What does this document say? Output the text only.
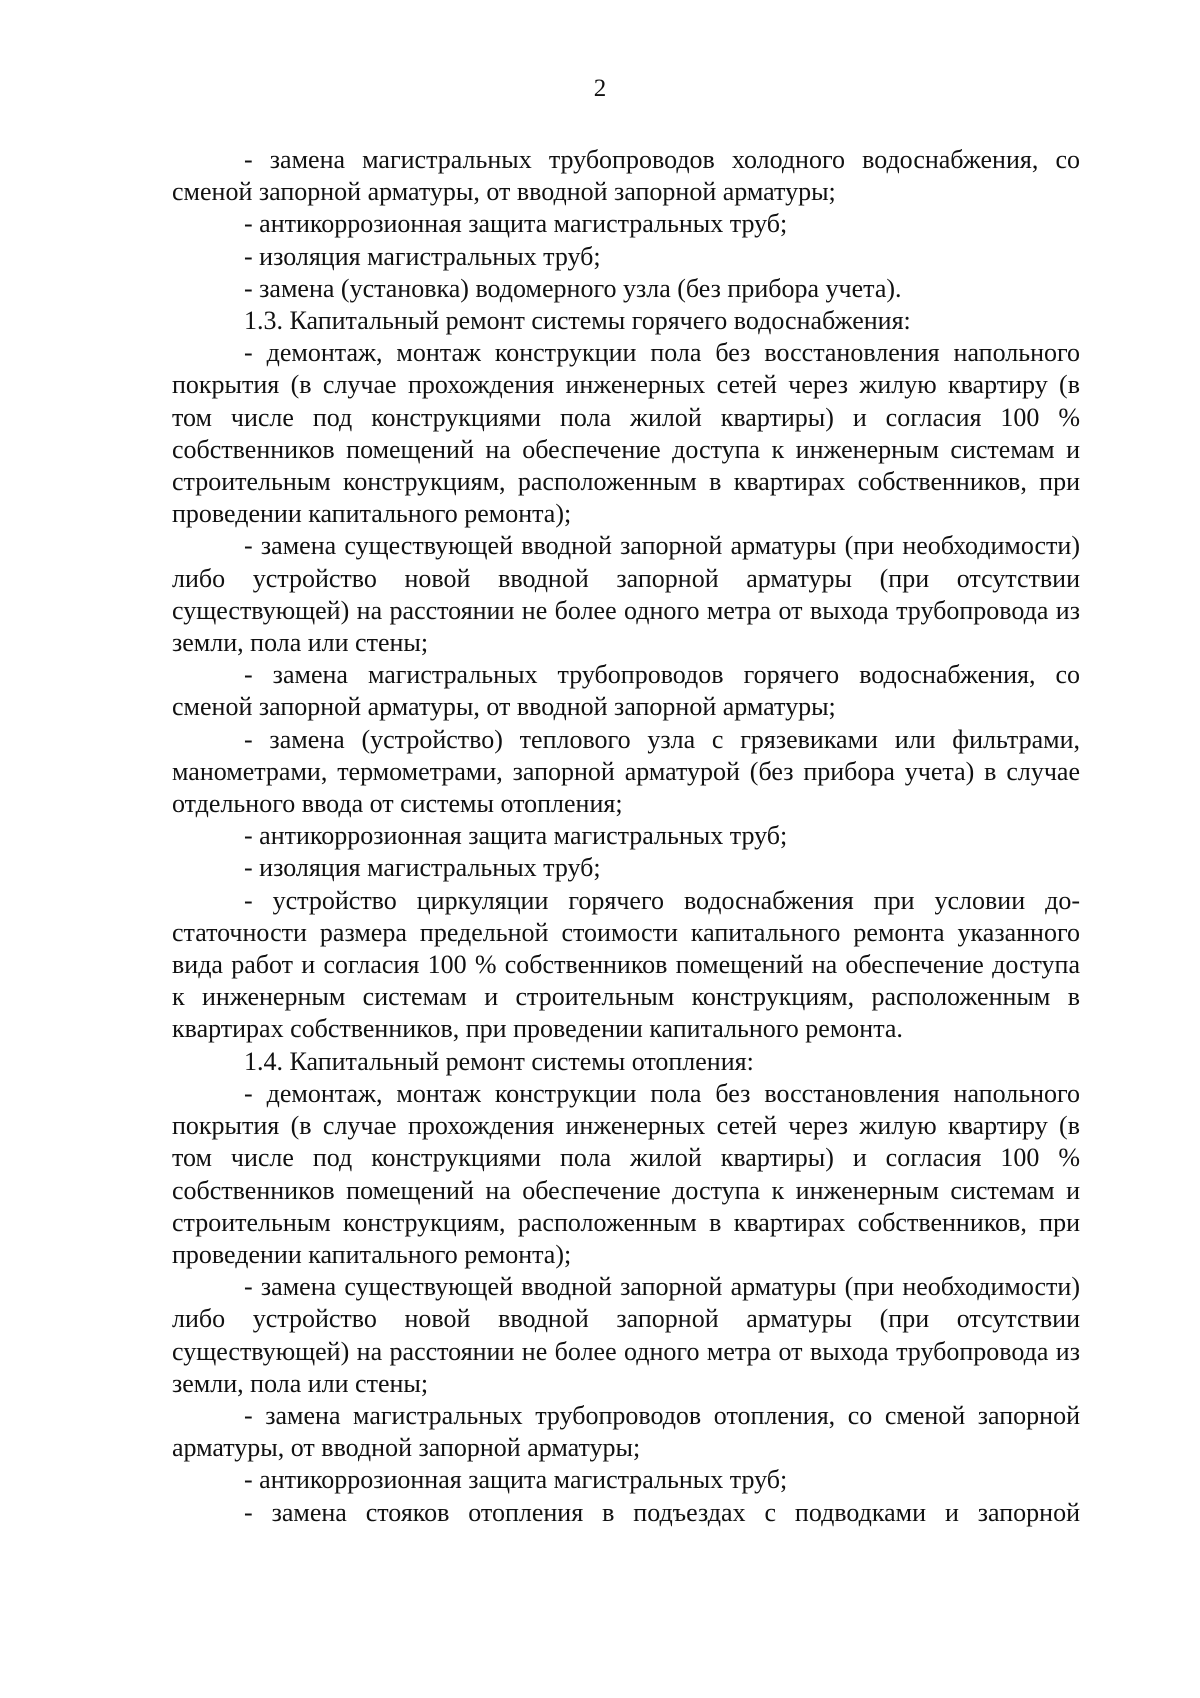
2

- замена магистральных трубопроводов холодного водоснабжения, со сменой запорной арматуры, от вводной запорной арматуры;

- антикоррозионная защита магистральных труб;

- изоляция магистральных труб;

- замена (установка) водомерного узла (без прибора учета).

1.3. Капитальный ремонт системы горячего водоснабжения:

- демонтаж, монтаж конструкции пола без восстановления напольного покрытия (в случае прохождения инженерных сетей через жилую квартиру (в том числе под конструкциями пола жилой квартиры) и согласия 100 % собственников помещений на обеспечение доступа к инженерным системам и строительным конструкциям, расположенным в квартирах собственников, при проведении капитального ремонта);

- замена существующей вводной запорной арматуры (при необходимости) либо устройство новой вводной запорной арматуры (при отсутствии существующей) на расстоянии не более одного метра от выхода трубопровода из земли, пола или стены;

- замена магистральных трубопроводов горячего водоснабжения, со сменой запорной арматуры, от вводной запорной арматуры;

- замена (устройство) теплового узла с грязевиками или фильтрами, манометрами, термометрами, запорной арматурой (без прибора учета) в случае отдельного ввода от системы отопления;

- антикоррозионная защита магистральных труб;

- изоляция магистральных труб;

- устройство циркуляции горячего водоснабжения при условии достаточности размера предельной стоимости капитального ремонта указанного вида работ и согласия 100 % собственников помещений на обеспечение доступа к инженерным системам и строительным конструкциям, расположенным в квартирах собственников, при проведении капитального ремонта.

1.4. Капитальный ремонт системы отопления:

- демонтаж, монтаж конструкции пола без восстановления напольного покрытия (в случае прохождения инженерных сетей через жилую квартиру (в том числе под конструкциями пола жилой квартиры) и согласия 100 % собственников помещений на обеспечение доступа к инженерным системам и строительным конструкциям, расположенным в квартирах собственников, при проведении капитального ремонта);

- замена существующей вводной запорной арматуры (при необходимости) либо устройство новой вводной запорной арматуры (при отсутствии существующей) на расстоянии не более одного метра от выхода трубопровода из земли, пола или стены;

- замена магистральных трубопроводов отопления, со сменой запорной арматуры, от вводной запорной арматуры;

- антикоррозионная защита магистральных труб;

- замена стояков отопления в подъездах с подводками и запорной
